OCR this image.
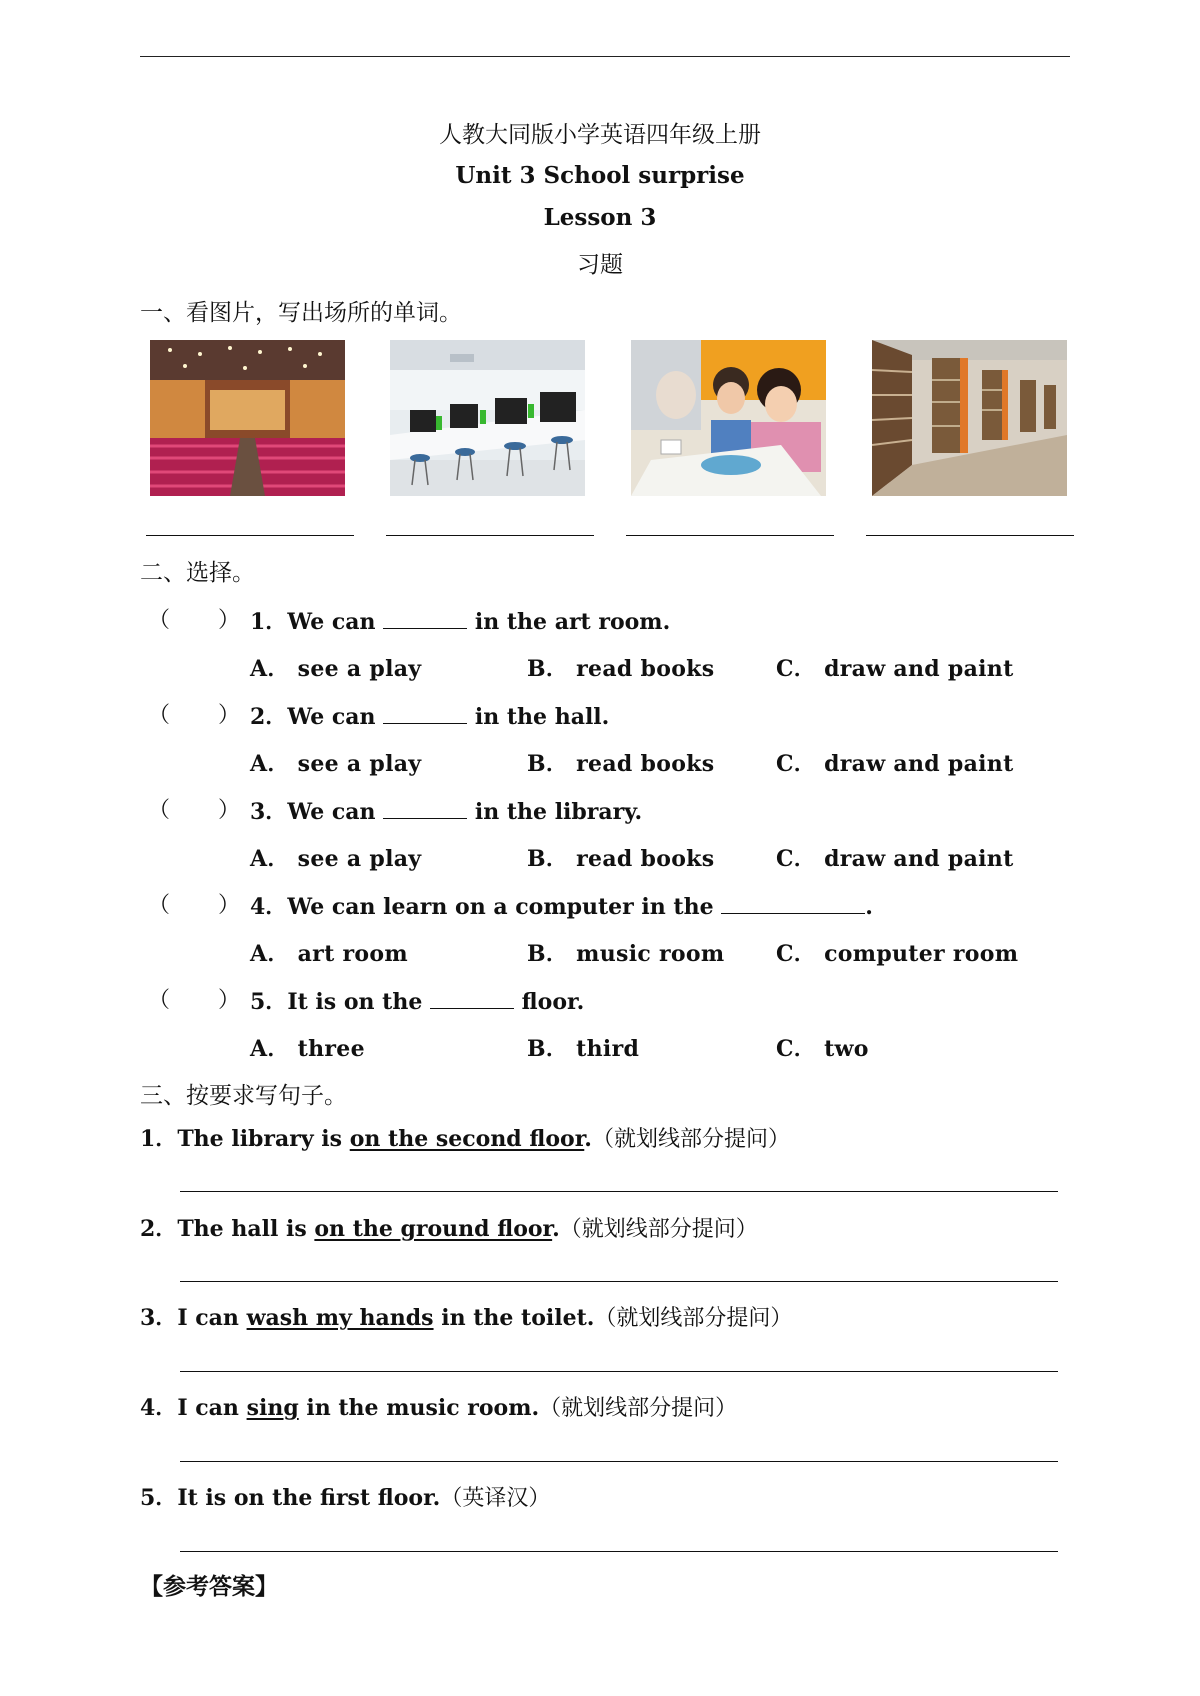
人教大同版小学英语四年级上册
Unit 3 School surprise
Lesson 3
习题
一、看图片，写出场所的单词。
二、选择。
（ ） 1．We can	in the art room.
A． see a play	B． read books	C． draw and paint
（ ） 2．We can	in the hall.
A． see a play	B． read books	C． draw and paint
（ ） 3．We can	in the library.
A． see a play	B． read books	C． draw and paint
（ ） 4．We can learn on a computer in the	.
A． art room	B． music room C． computer room
（ ） 5．It is on the	floor.
A． three	B． third	C． two
三、按要求写句子。
1．The library is on the second floor.（就划线部分提问）
2．The hall is on the ground floor.（就划线部分提问）
3．I can wash my hands in the toilet.（就划线部分提问）
4．I can sing in the music room.（就划线部分提问）
5．It is on the first floor.（英译汉）
【参考答案】
